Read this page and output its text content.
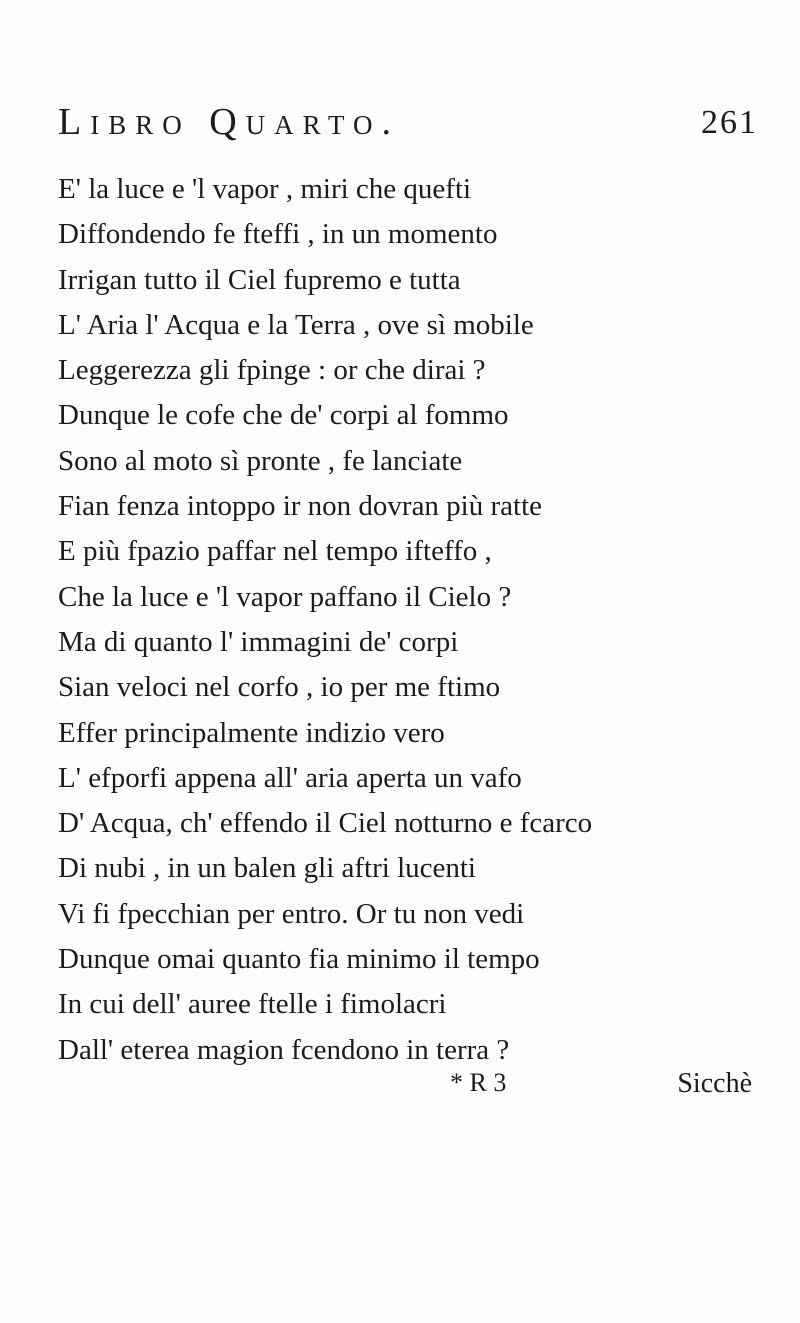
Libro Quarto.	261
E' la luce e 'l vapor , miri che quefti
Diffondendo fe fteffi , in un momento
Irrigan tutto il Ciel fupremo e tutta
L' Aria l' Acqua e la Terra , ove sì mobile
Leggerezza gli fpinge : or che dirai ?
Dunque le cofe che de' corpi al fommo
Sono al moto sì pronte , fe lanciate
Fian fenza intoppo ir non dovran più ratte
E più fpazio paffar nel tempo ifteffo ,
Che la luce e 'l vapor paffano il Cielo ?
Ma di quanto l' immagini de' corpi
Sian veloci nel corfo , io per me ftimo
Effer principalmente indizio vero
L' efporfi appena all' aria aperta un vafo
D' Acqua, ch' effendo il Ciel notturno e fcarco
Di nubi , in un balen gli aftri lucenti
Vi fi fpecchian per entro. Or tu non vedi
Dunque omai quanto fia minimo il tempo
In cui dell' auree ftelle i fimolacri
Dall' eterea magion fcendono in terra ?
* R 3	Sicchè
